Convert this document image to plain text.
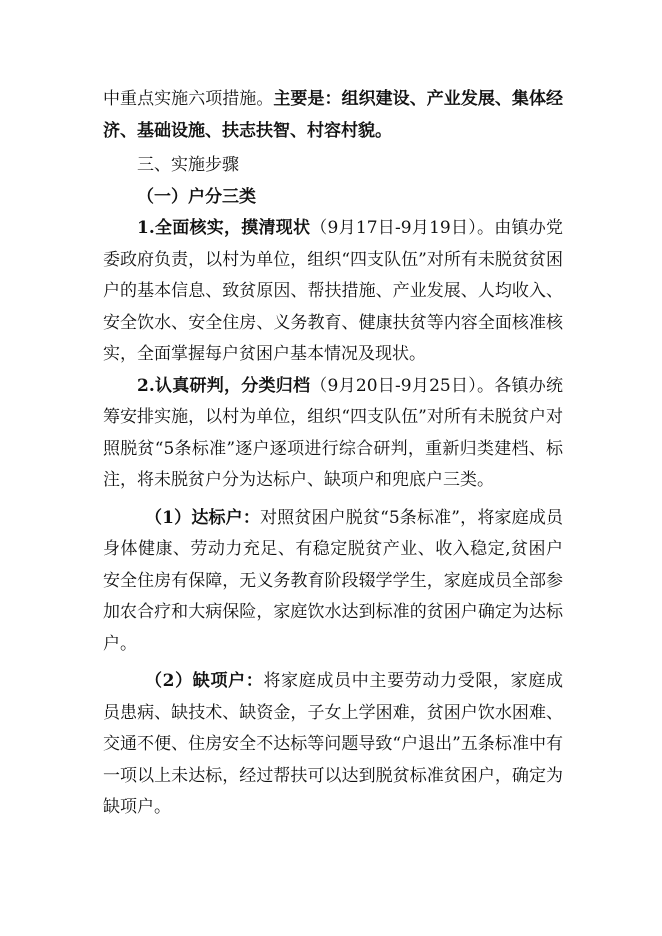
中重点实施六项措施。主要是：组织建设、产业发展、集体经济、基础设施、扶志扶智、村容村貌。

三、实施步骤

（一）户分三类

1.全面核实，摸清现状（9月17日-9月19日）。由镇办党委政府负责，以村为单位，组织“四支队伍”对所有未脱贫贫困户的基本信息、致贫原因、帮扶措施、产业发展、人均收入、安全饮水、安全住房、义务教育、健康扶贫等内容全面核准核实，全面掌握每户贫困户基本情况及现状。

2.认真研判，分类归档（9月20日-9月25日）。各镇办统筹安排实施，以村为单位，组织“四支队伍”对所有未脱贫户对照脱贫“5条标准”逐户逐项进行综合研判，重新归类建档、标注，将未脱贫户分为达标户、缺项户和兜底户三类。

（1）达标户：对照贫困户脱贫“5条标准”，将家庭成员身体健康、劳动力充足、有稳定脱贫产业、收入稳定,贫困户安全住房有保障，无义务教育阶段辍学学生，家庭成员全部参加农合疗和大病保险，家庭饮水达到标准的贫困户确定为达标户。

（2）缺项户：将家庭成员中主要劳动力受限，家庭成员患病、缺技术、缺资金，子女上学困难，贫困户饮水困难、交通不便、住房安全不达标等问题导致“户退出”五条标准中有一项以上未达标，经过帮扶可以达到脱贫标准贫困户，确定为缺项户。
